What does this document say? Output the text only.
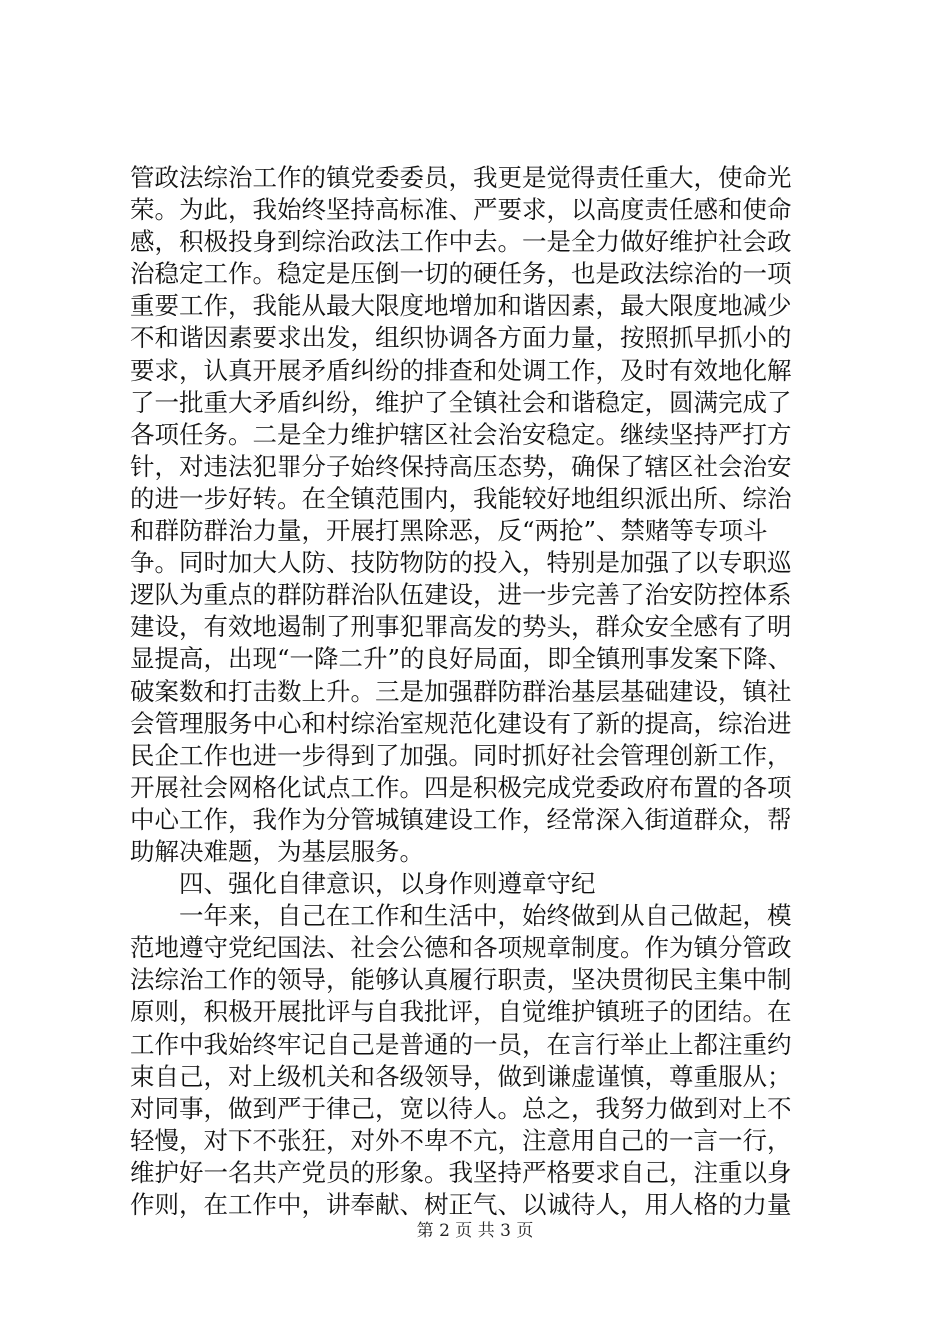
管政法综治工作的镇党委委员，我更是觉得责任重大，使命光
荣。为此，我始终坚持高标准、严要求，以高度责任感和使命
感，积极投身到综治政法工作中去。一是全力做好维护社会政
治稳定工作。稳定是压倒一切的硬任务，也是政法综治的一项
重要工作，我能从最大限度地增加和谐因素，最大限度地减少
不和谐因素要求出发，组织协调各方面力量，按照抓早抓小的
要求，认真开展矛盾纠纷的排查和处调工作，及时有效地化解
了一批重大矛盾纠纷，维护了全镇社会和谐稳定，圆满完成了
各项任务。二是全力维护辖区社会治安稳定。继续坚持严打方
针，对违法犯罪分子始终保持高压态势，确保了辖区社会治安
的进一步好转。在全镇范围内，我能较好地组织派出所、综治
和群防群治力量，开展打黑除恶，反“两抢”、禁赌等专项斗
争。同时加大人防、技防物防的投入，特别是加强了以专职巡
逻队为重点的群防群治队伍建设，进一步完善了治安防控体系
建设，有效地遏制了刑事犯罪高发的势头，群众安全感有了明
显提高，出现“一降二升”的良好局面，即全镇刑事发案下降、
破案数和打击数上升。三是加强群防群治基层基础建设，镇社
会管理服务中心和村综治室规范化建设有了新的提高，综治进
民企工作也进一步得到了加强。同时抓好社会管理创新工作，
开展社会网格化试点工作。四是积极完成党委政府布置的各项
中心工作，我作为分管城镇建设工作，经常深入街道群众，帮
助解决难题，为基层服务。
四、强化自律意识，以身作则遵章守纪
一年来，自己在工作和生活中，始终做到从自己做起，模
范地遵守党纪国法、社会公德和各项规章制度。作为镇分管政
法综治工作的领导，能够认真履行职责，坚决贯彻民主集中制
原则，积极开展批评与自我批评，自觉维护镇班子的团结。在
工作中我始终牢记自己是普通的一员，在言行举止上都注重约
束自己，对上级机关和各级领导，做到谦虚谨慎，尊重服从；
对同事，做到严于律己，宽以待人。总之，我努力做到对上不
轻慢，对下不张狂，对外不卑不亢，注意用自己的一言一行，
维护好一名共产党员的形象。我坚持严格要求自己，注重以身
作则，在工作中，讲奉献、树正气、以诚待人，用人格的力量
第 2 页 共 3 页
